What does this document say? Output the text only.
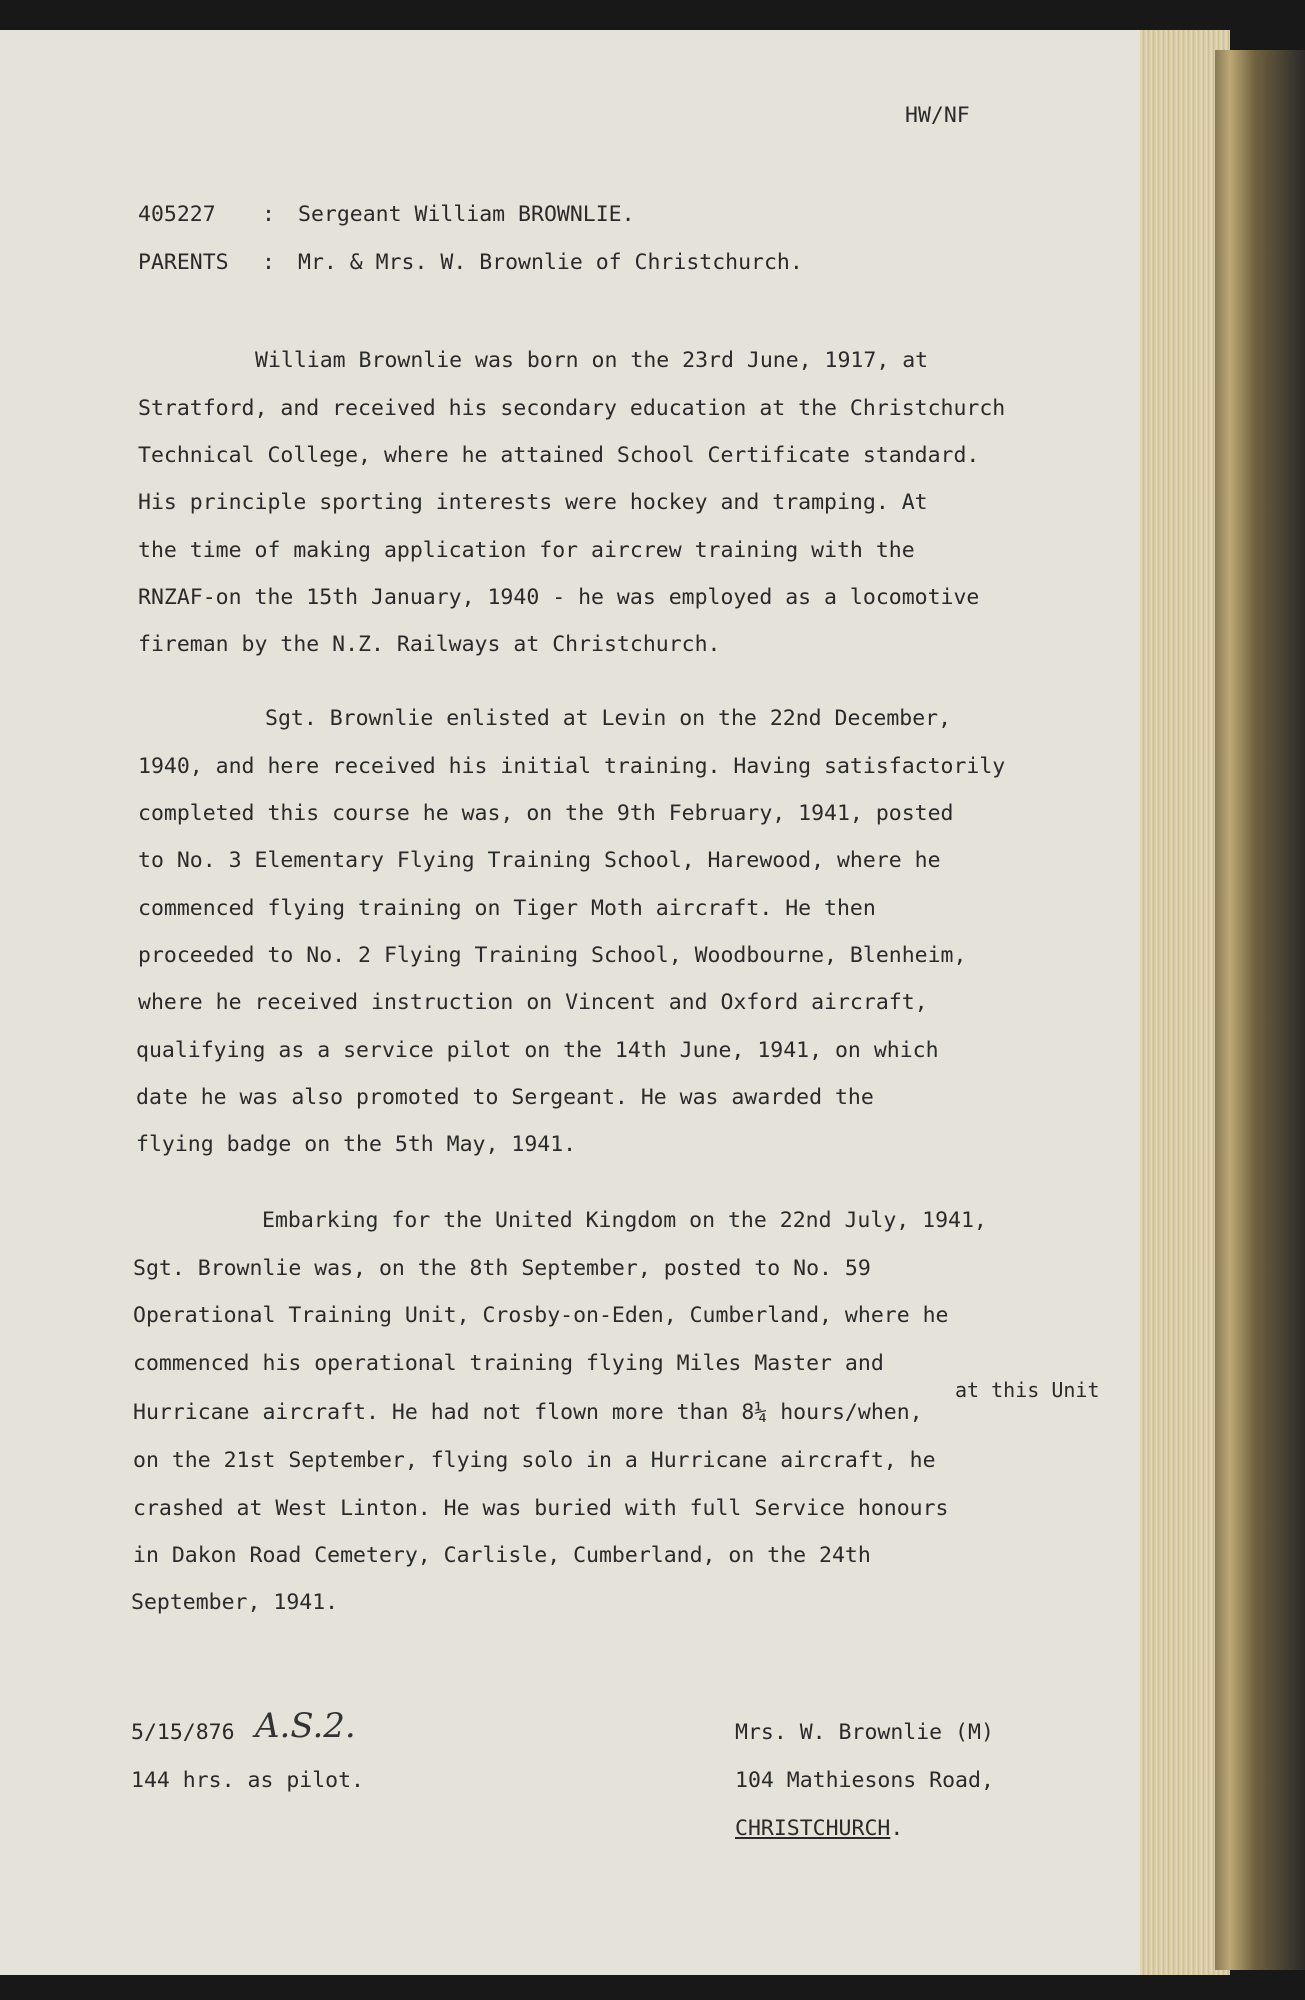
HW/NF
405227 : Sergeant William BROWNLIE.
PARENTS : Mr. & Mrs. W. Brownlie of Christchurch.
William Brownlie was born on the 23rd June, 1917, at
Stratford, and received his secondary education at the Christchurch
Technical College, where he attained School Certificate standard.
His principle sporting interests were hockey and tramping. At
the time of making application for aircrew training with the
RNZAF-on the 15th January, 1940 - he was employed as a locomotive
fireman by the N.Z. Railways at Christchurch.
Sgt. Brownlie enlisted at Levin on the 22nd December,
1940, and here received his initial training. Having satisfactorily
completed this course he was, on the 9th February, 1941, posted
to No. 3 Elementary Flying Training School, Harewood, where he
commenced flying training on Tiger Moth aircraft. He then
proceeded to No. 2 Flying Training School, Woodbourne, Blenheim,
where he received instruction on Vincent and Oxford aircraft,
qualifying as a service pilot on the 14th June, 1941, on which
date he was also promoted to Sergeant. He was awarded the
flying badge on the 5th May, 1941.
Embarking for the United Kingdom on the 22nd July, 1941,
Sgt. Brownlie was, on the 8th September, posted to No. 59
Operational Training Unit, Crosby-on-Eden, Cumberland, where he
commenced his operational training flying Miles Master and
at this Unit
Hurricane aircraft. He had not flown more than 8¼ hours/when,
on the 21st September, flying solo in a Hurricane aircraft, he
crashed at West Linton. He was buried with full Service honours
in Dakon Road Cemetery, Carlisle, Cumberland, on the 24th
September, 1941.
5/15/876 A.S.2.
144 hrs. as pilot.
Mrs. W. Brownlie (M)
104 Mathiesons Road,
CHRISTCHURCH.
